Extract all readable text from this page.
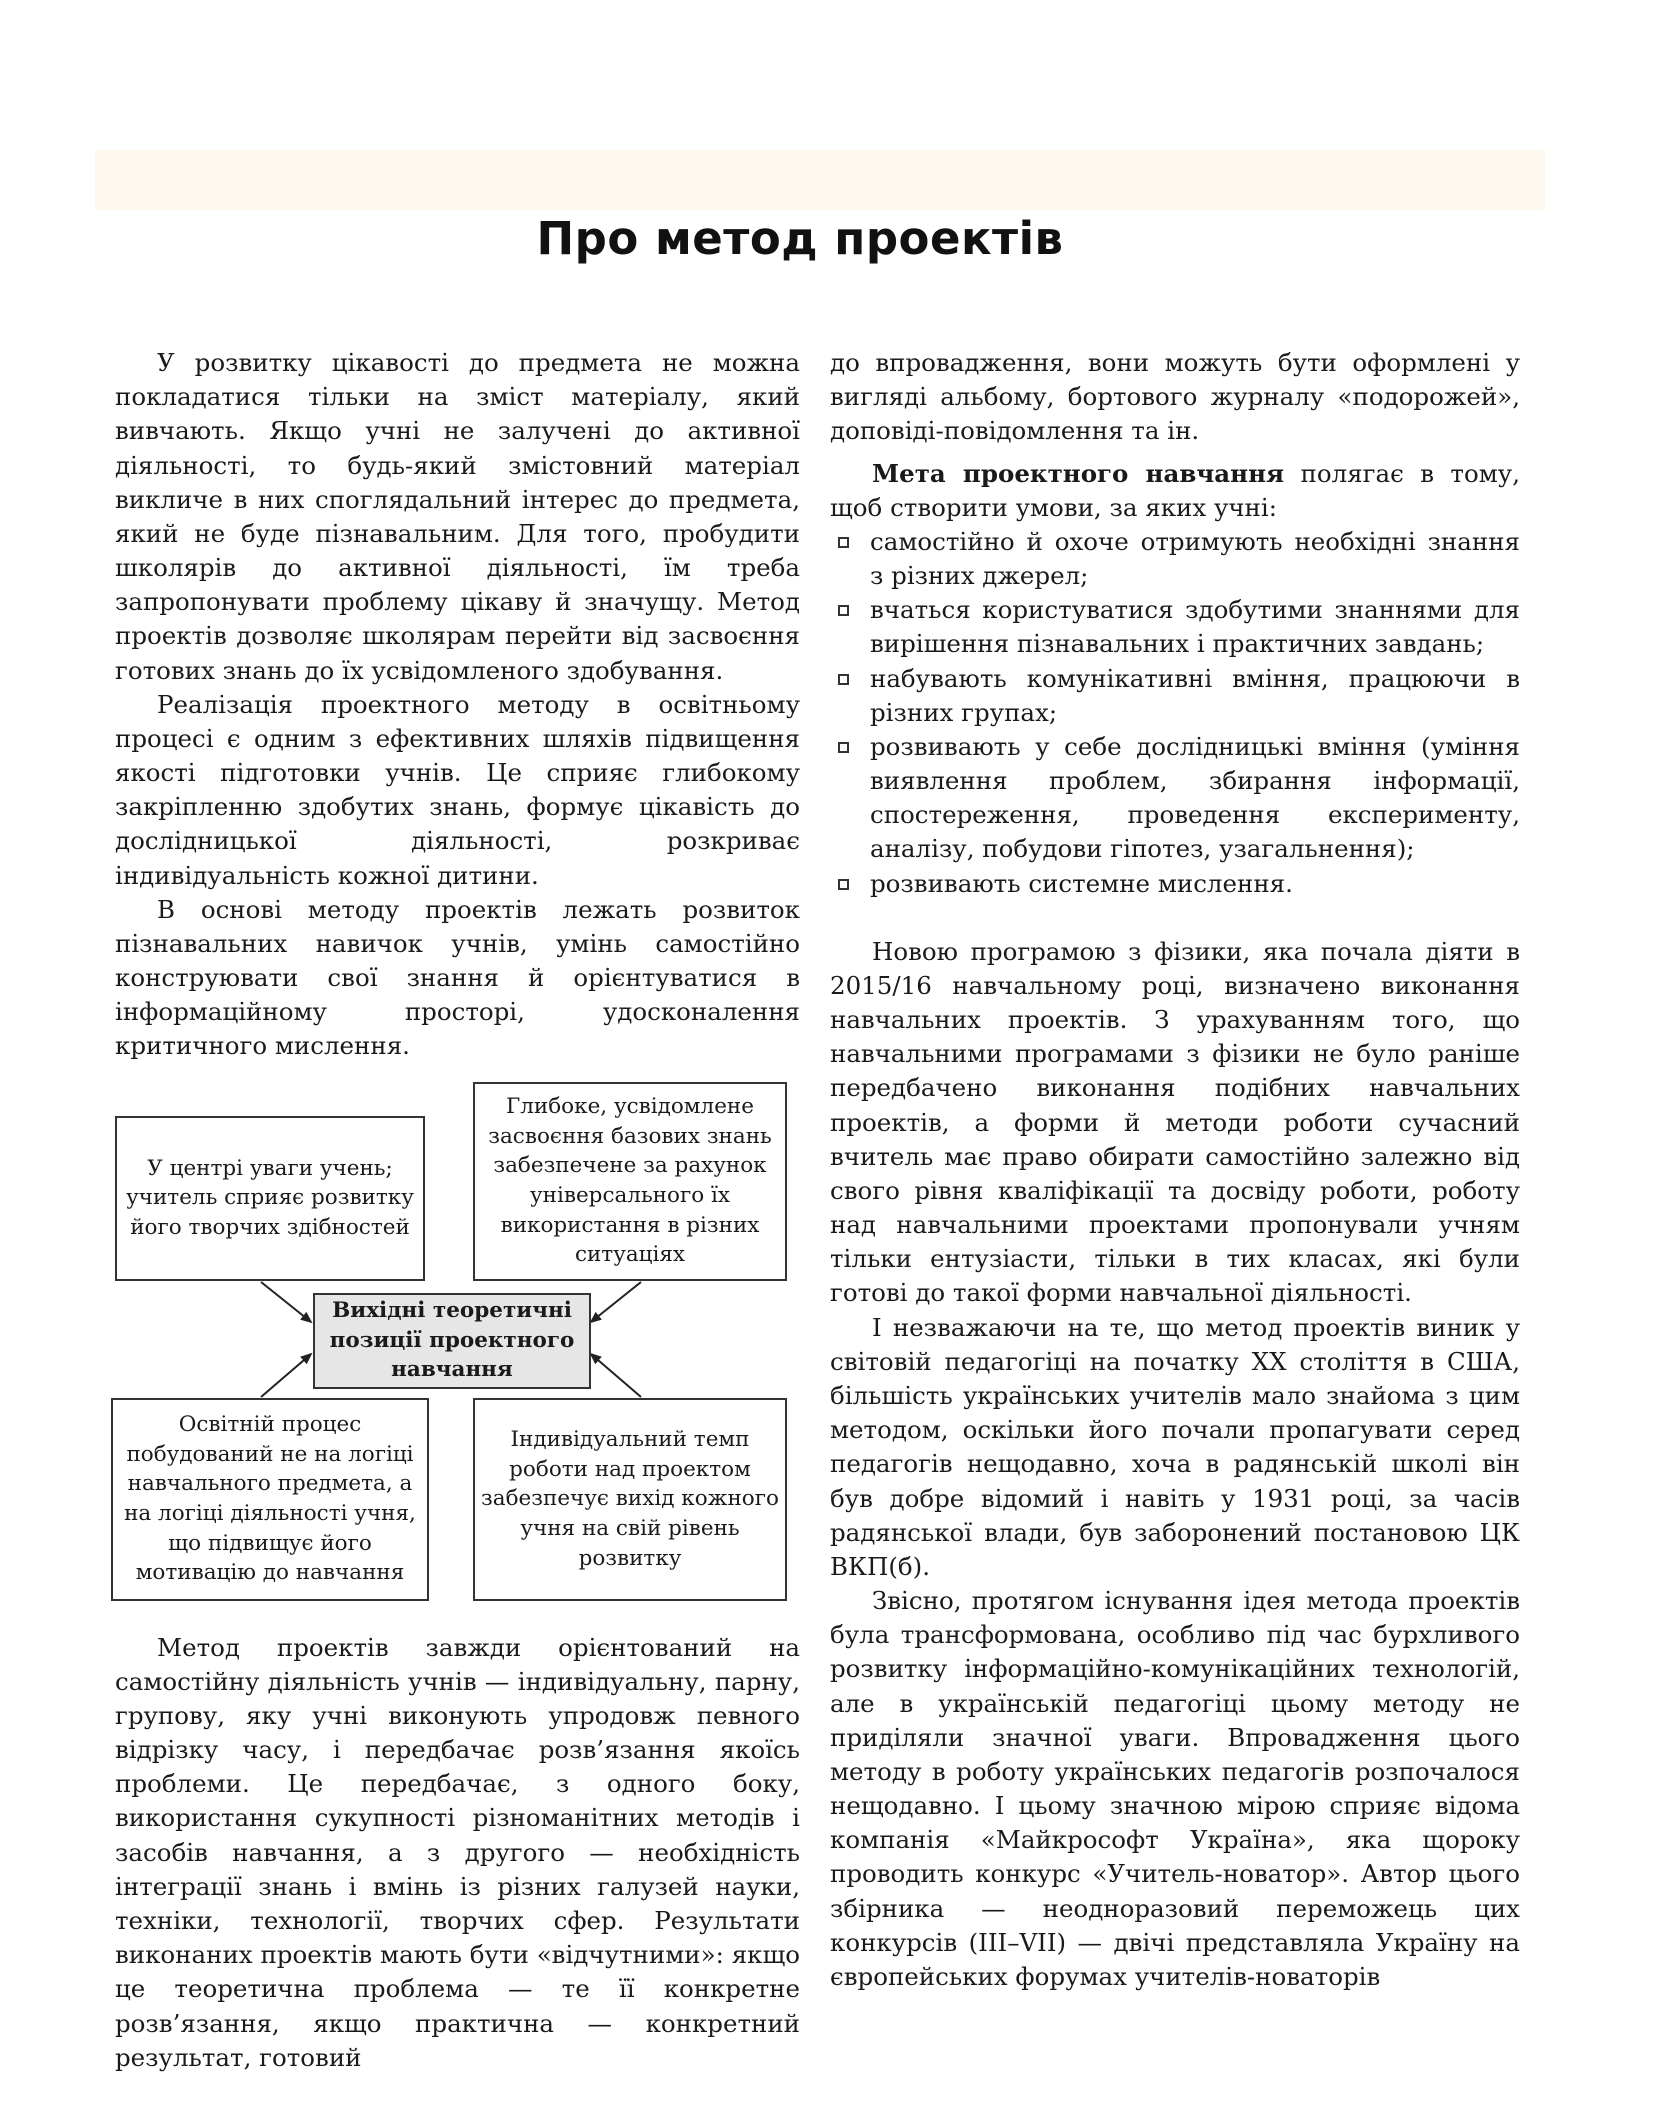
Про метод проектів

У розвитку цікавості до предмета не можна покладатися тільки на зміст матеріалу, який вивчають. Якщо учні не залучені до активної діяльності, то будь-який змістовний матеріал викличе в них споглядальний інтерес до предмета, який не буде пізнавальним. Для того, пробудити школярів до активної діяльності, їм треба запропонувати проблему цікаву й значущу. Метод проектів дозволяє школярам перейти від засвоєння готових знань до їх усвідомленого здобування.

Реалізація проектного методу в освітньому процесі є одним з ефективних шляхів підвищення якості підготовки учнів. Це сприяє глибокому закріпленню здобутих знань, формує цікавість до дослідницької діяльності, розкриває індивідуальність кожної дитини.

В основі методу проектів лежать розвиток пізнавальних навичок учнів, умінь самостійно конструювати свої знання й орієнтуватися в інформаційному просторі, удосконалення критичного мислення.

У центрі уваги учень; учитель сприяє розвитку його творчих здібностей
Глибоке, усвідомлене засвоєння базових знань забезпечене за рахунок універсального їх використання в різних ситуаціях
Вихідні теоретичні позиції проектного навчання
Освітній процес побудований не на логіці навчального предмета, а на логіці діяльності учня, що підвищує його мотивацію до навчання
Індивідуальний темп роботи над проектом забезпечує вихід кожного учня на свій рівень розвитку

Метод проектів завжди орієнтований на самостійну діяльність учнів — індивідуальну, парну, групову, яку учні виконують упродовж певного відрізку часу, і передбачає розв’язання якоїсь проблеми. Це передбачає, з одного боку, використання сукупності різноманітних методів і засобів навчання, а з другого — необхідність інтеграції знань і вмінь із різних галузей науки, техніки, технології, творчих сфер. Результати виконаних проектів мають бути «відчутними»: якщо це теоретична проблема — те її конкретне розв’язання, якщо практична — конкретний результат, готовий

до впровадження, вони можуть бути оформлені у вигляді альбому, бортового журналу «подорожей», доповіді-повідомлення та ін.

Мета проектного навчання полягає в тому, щоб створити умови, за яких учні:

самостійно й охоче отримують необхідні знання з різних джерел;
вчаться користуватися здобутими знаннями для вирішення пізнавальних і практичних завдань;
набувають комунікативні вміння, працюючи в різних групах;
розвивають у себе дослідницькі вміння (уміння виявлення проблем, збирання інформації, спостереження, проведення експерименту, аналізу, побудови гіпотез, узагальнення);
розвивають системне мислення.

Новою програмою з фізики, яка почала діяти в 2015/16 навчальному році, визначено виконання навчальних проектів. З урахуванням того, що навчальними програмами з фізики не було раніше передбачено виконання подібних навчальних проектів, а форми й методи роботи сучасний вчитель має право обирати самостійно залежно від свого рівня кваліфікації та досвіду роботи, роботу над навчальними проектами пропонували учням тільки ентузіасти, тільки в тих класах, які були готові до такої форми навчальної діяльності.

І незважаючи на те, що метод проектів виник у світовій педагогіці на початку XX століття в США, більшість українських учителів мало знайома з цим методом, оскільки його почали пропагувати серед педагогів нещодавно, хоча в радянській школі він був добре відомий і навіть у 1931 році, за часів радянської влади, був заборонений постановою ЦК ВКП(б).

Звісно, протягом існування ідея метода проектів була трансформована, особливо під час бурхливого розвитку інформаційно-комунікаційних технологій, але в українській педагогіці цьому методу не приділяли значної уваги. Впровадження цього методу в роботу українських педагогів розпочалося нещодавно. І цьому значною мірою сприяє відома компанія «Майкрософт Україна», яка щороку проводить конкурс «Учитель-новатор». Автор цього збірника — неодноразовий переможець цих конкурсів (III–VII) — двічі представляла Україну на європейських форумах учителів-новаторів
